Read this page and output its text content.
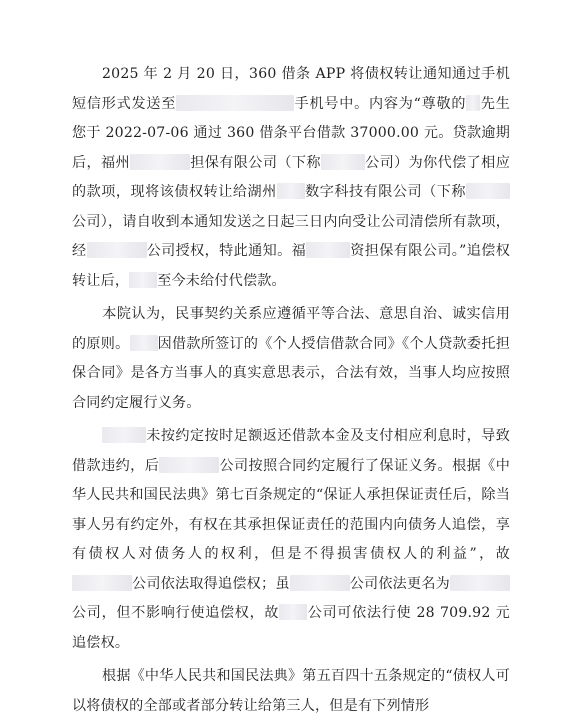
2025 年 2 月 20 日，360 借条 APP 将债权转让通知通过手机短信形式发送至	手机号中。内容为“尊敬的 先生您于 2022-07-06 通过 360 借条平台借款 37000.00 元。贷款逾期后，福州	担保有限公司（下称	公司）为你代偿了相应的款项，现将该债权转让给湖州 数字科技有限公司（下称公司），请自收到本通知发送之日起三日内向受让公司清偿所有款项，经	公司授权，特此通知。福	资担保有限公司。”追偿权转让后， 至今未给付代偿款。

本院认为，民事契约关系应遵循平等合法、意思自治、诚实信用的原则。 因借款所签订的《个人授信借款合同》《个人贷款委托担保合同》是各方当事人的真实意思表示，合法有效，当事人均应按照合同约定履行义务。

未按约定按时足额返还借款本金及支付相应利息时，导致借款违约，后	公司按照合同约定履行了保证义务。根据《中华人民共和国民法典》第七百条规定的“保证人承担保证责任后，除当事人另有约定外，有权在其承担保证责任的范围内向债务人追偿，享有债权人对债务人的权利，但是不得损害债权人的利益”，故公司依法取得追偿权；虽	公司依法更名为公司，但不影响行使追偿权，故 公司可依法行使 28 709.92 元追偿权。

根据《中华人民共和国民法典》第五百四十五条规定的“债权人可以将债权的全部或者部分转让给第三人，但是有下列情形
